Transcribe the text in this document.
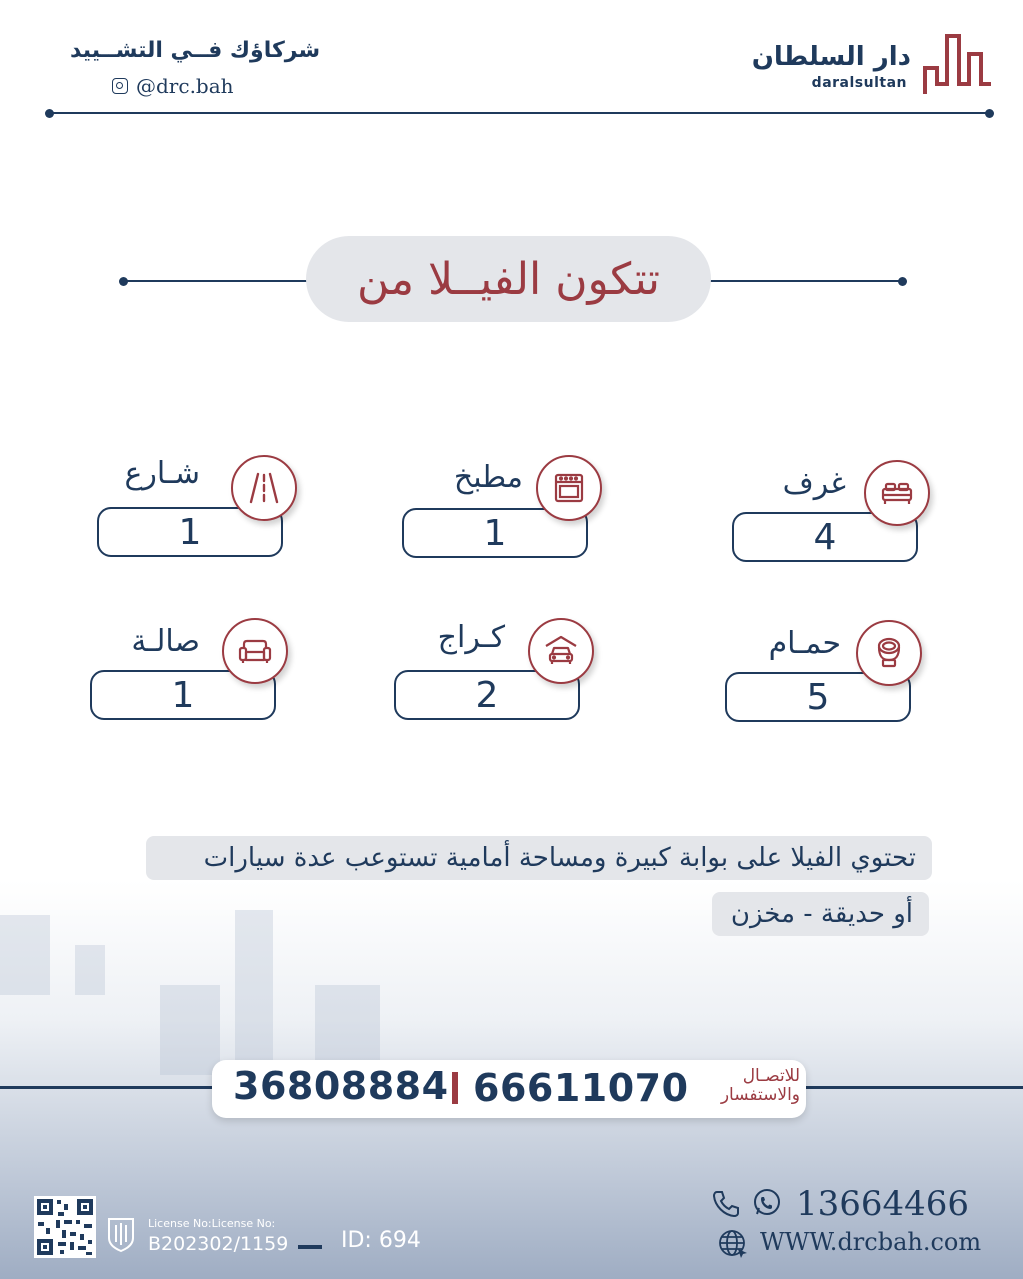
دار السلطان
daralsultan
شركاؤك فــي التشــييد
@drc.bah
تتكون الفيــلا من
4
غرف
1
مطبخ
1
شـارع
5
حمـام
2
كـراج
1
صالـة
تحتوي الفيلا على بوابة كبيرة ومساحة أمامية تستوعب عدة سيارات
أو حديقة - مخزن
36808884 66611070	للاتصـال
والاستفسار
License No:License No:
B202302/1159 ID: 694
13664466
WWW.drcbah.com
